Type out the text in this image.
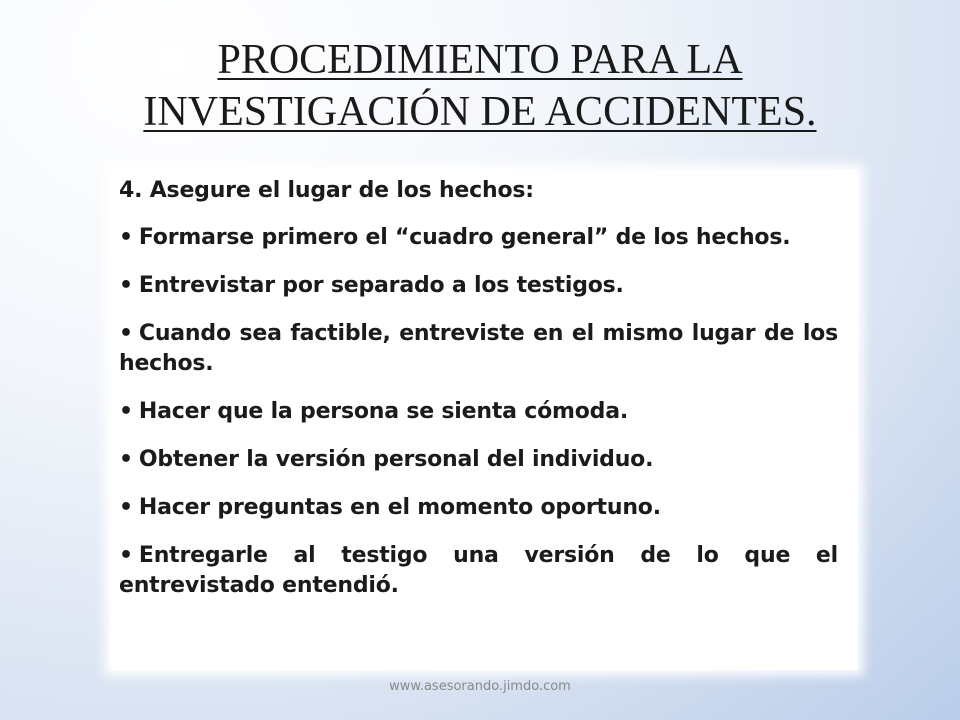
PROCEDIMIENTO PARA LA
INVESTIGACIÓN DE ACCIDENTES.

4. Asegure el lugar de los hechos:

• Formarse primero el “cuadro general” de los hechos.

• Entrevistar por separado a los testigos.

• Cuando sea factible, entreviste en el mismo lugar de los hechos.

• Hacer que la persona se sienta cómoda.

• Obtener la versión personal del individuo.

• Hacer preguntas en el momento oportuno.

• Entregarle al testigo una versión de lo que el entrevistado entendió.

www.asesorando.jimdo.com
